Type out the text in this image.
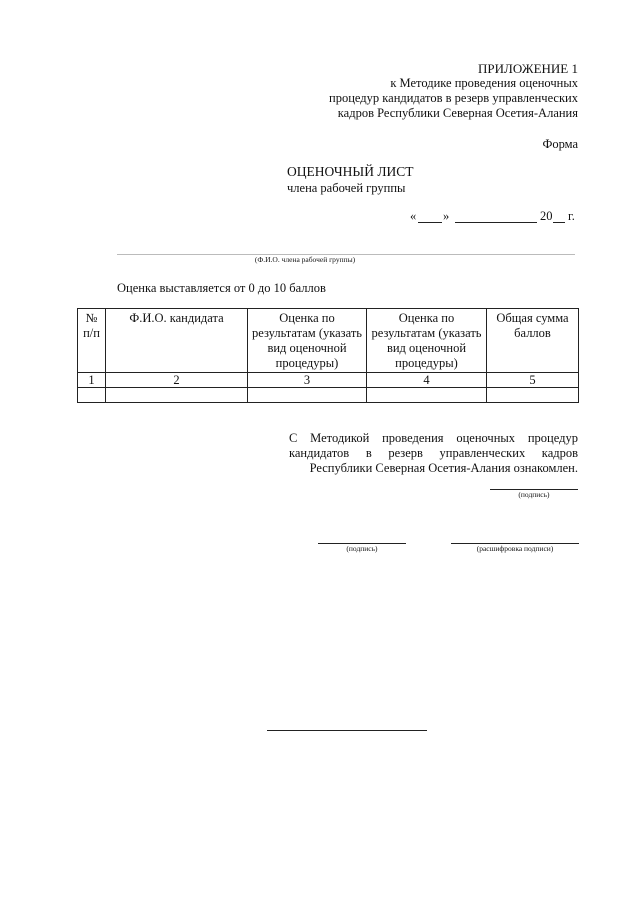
ПРИЛОЖЕНИЕ 1
к Методике проведения оценочных
процедур кандидатов в резерв управленческих
кадров Республики Северная Осетия-Алания
Форма
ОЦЕНОЧНЫЙ ЛИСТ
члена рабочей группы
« »	20 г.
(Ф.И.О. члена рабочей группы)
Оценка выставляется от 0 до 10 баллов
№ п/п	Ф.И.О. кандидата	Оценка по результатам (указать вид оценочной процедуры)	Оценка по результатам (указать вид оценочной процедуры)	Общая сумма баллов
1	2	3	4	5

С Методикой проведения оценочных процедур
кандидатов в резерв управленческих кадров
Республики Северная Осетия-Алания ознакомлен.
(подпись)
(подпись)	(расшифровка подписи)
